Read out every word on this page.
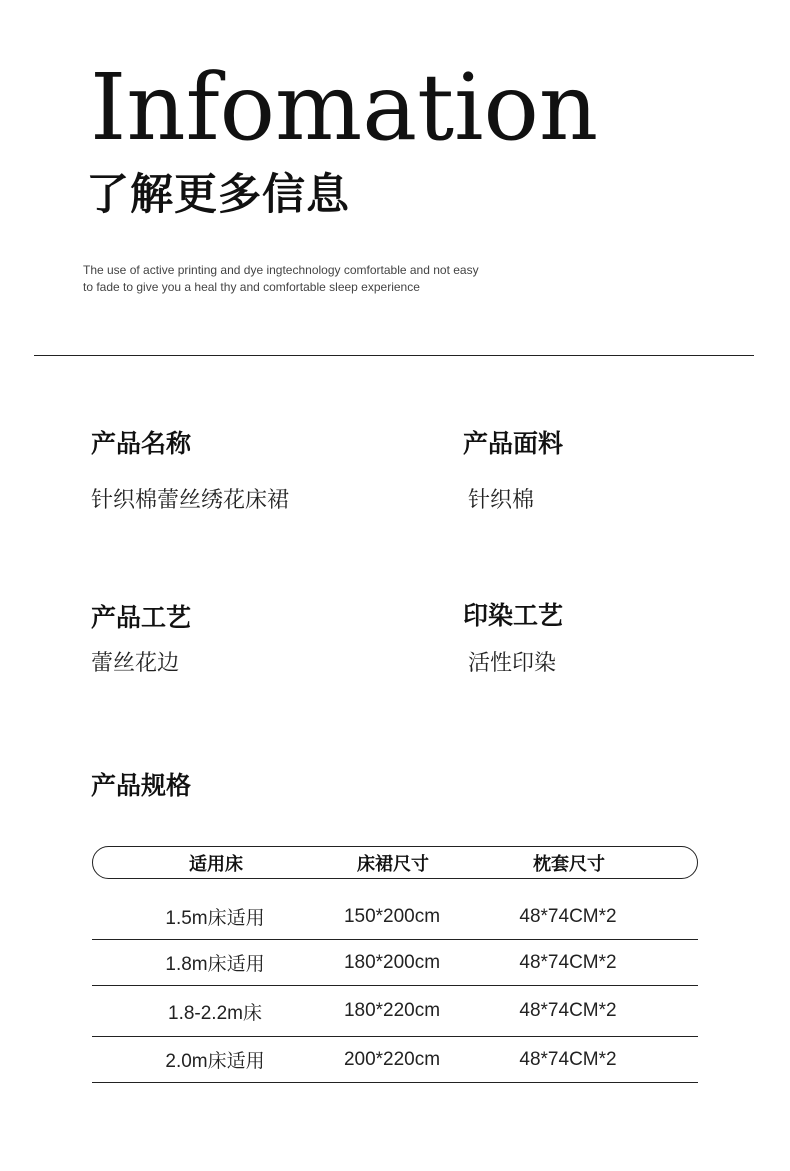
Infomation
了解更多信息
The use of active printing and dye ingtechnology comfortable and not easy
to fade to give you a heal thy and comfortable sleep experience
产品名称
针织棉蕾丝绣花床裙
产品面料
针织棉
产品工艺
蕾丝花边
印染工艺
活性印染
产品规格
适用床	床裙尺寸	枕套尺寸
1.5m床适用	150*200cm	48*74CM*2
1.8m床适用	180*200cm	48*74CM*2
1.8-2.2m床	180*220cm	48*74CM*2
2.0m床适用	200*220cm	48*74CM*2
